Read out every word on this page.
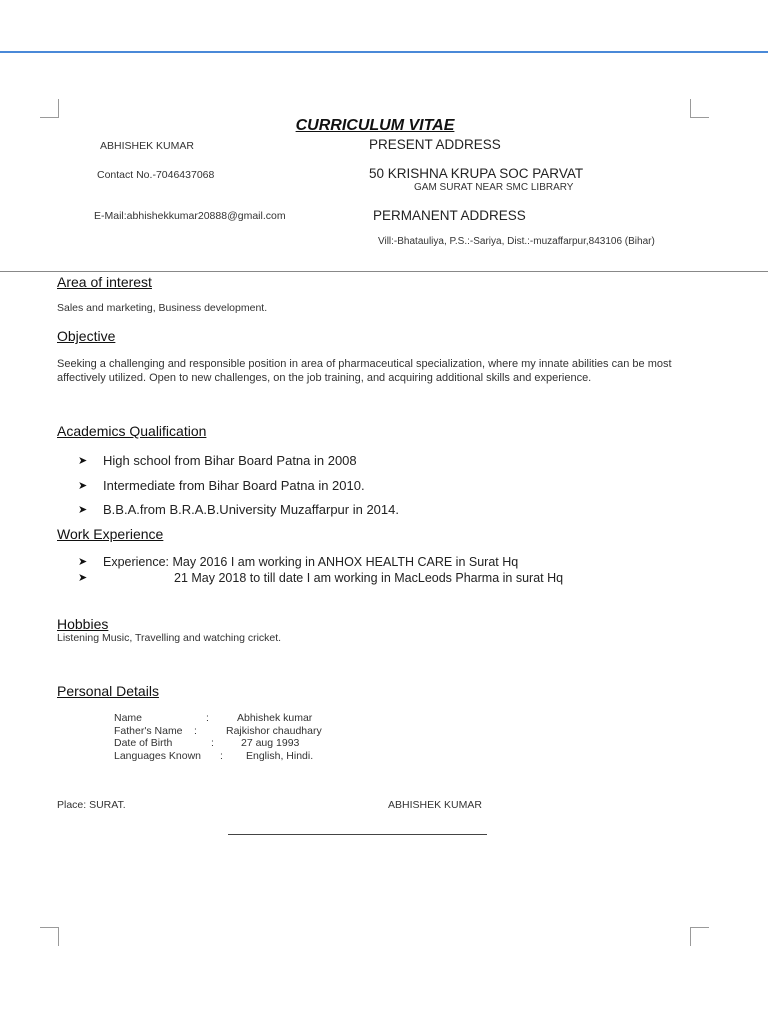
CURRICULUM VITAE
ABHISHEK KUMAR
Contact No.-7046437068
E-Mail:abhishekkumar20888@gmail.com
PRESENT ADDRESS
50 KRISHNA KRUPA SOC PARVAT
GAM SURAT NEAR SMC LIBRARY
PERMANENT ADDRESS
Vill:-Bhatauliya, P.S.:-Sariya, Dist.:-muzaffarpur,843106 (Bihar)
Area of interest
Sales and marketing, Business development.
Objective
Seeking a challenging and responsible position in area of pharmaceutical specialization, where my innate abilities can be most affectively utilized. Open to new challenges, on the job training, and acquiring additional skills and experience.
Academics Qualification
➤ High school from Bihar Board Patna in 2008
➤ Intermediate from Bihar Board Patna in 2010.
➤ B.B.A.from B.R.A.B.University Muzaffarpur in 2014.
Work Experience
➤ Experience: May 2016 I am working in ANHOX HEALTH CARE in Surat Hq
➤	21 May 2018 to till date I am working in MacLeods Pharma in surat Hq
Hobbies
Listening Music, Travelling and watching cricket.
Personal Details
Name	:	Abhishek kumar
Father's Name :	Rajkishor chaudhary
Date of Birth	:	27 aug 1993
Languages Known : English, Hindi.
Place: SURAT.	ABHISHEK KUMAR
